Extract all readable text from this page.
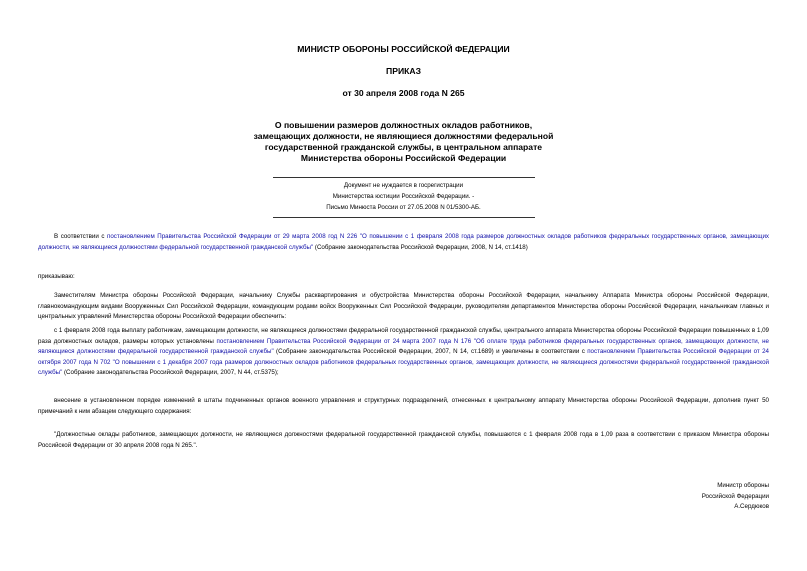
МИНИСТР ОБОРОНЫ РОССИЙСКОЙ ФЕДЕРАЦИИ
ПРИКАЗ
от 30 апреля 2008 года N 265
О повышении размеров должностных окладов работников,
замещающих должности, не являющиеся должностями федеральной
государственной гражданской службы, в центральном аппарате
Министерства обороны Российской Федерации
Документ не нуждается в госрегистрации
Министерства юстиции Российской Федерации. -
Письмо Минюста России от 27.05.2008 N 01/5300-АБ.
В соответствии с постановлением Правительства Российской Федерации от 29 марта 2008 год N 226 "О повышении с 1 февраля 2008 года размеров должностных окладов работников федеральных государственных органов, замещающих должности, не являющиеся должностями федеральной государственной гражданской службы" (Собрание законодательства Российской Федерации, 2008, N 14, ст.1418)
приказываю:
Заместителям Министра обороны Российской Федерации, начальнику Службы расквартирования и обустройства Министерства обороны Российской Федерации, начальнику Аппарата Министра обороны Российской Федерации, главнокомандующим видами Вооруженных Сил Российской Федерации, командующим родами войск Вооруженных Сил Российской Федерации, руководителям департаментов Министерства обороны Российской Федерации, начальникам главных и центральных управлений Министерства обороны Российской Федерации обеспечить:
с 1 февраля 2008 года выплату работникам, замещающим должности, не являющиеся должностями федеральной государственной гражданской службы, центрального аппарата Министерства обороны Российской Федерации повышенных в 1,09 раза должностных окладов, размеры которых установлены постановлением Правительства Российской Федерации от 24 марта 2007 года N 176 "Об оплате труда работников федеральных государственных органов, замещающих должности, не являющиеся должностями федеральной государственной гражданской службы" (Собрание законодательства Российской Федерации, 2007, N 14, ст.1689) и увеличены в соответствии с постановлением Правительства Российской Федерации от 24 октября 2007 года N 702 "О повышении с 1 декабря 2007 года размеров должностных окладов работников федеральных государственных органов, замещающих должности, не являющиеся должностями федеральной государственной гражданской службы" (Собрание законодательства Российской Федерации, 2007, N 44, ст.5375);
внесение в установленном порядке изменений в штаты подчиненных органов военного управления и структурных подразделений, отнесенных к центральному аппарату Министерства обороны Российской Федерации, дополнив пункт 50 примечаний к ним абзацем следующего содержания:
"Должностные оклады работников, замещающих должности, не являющиеся должностями федеральной государственной гражданской службы, повышаются с 1 февраля 2008 года в 1,09 раза в соответствии с приказом Министра обороны Российской Федерации от 30 апреля 2008 года N 265.".
Министр обороны
Российской Федерации
А.Сердюков
